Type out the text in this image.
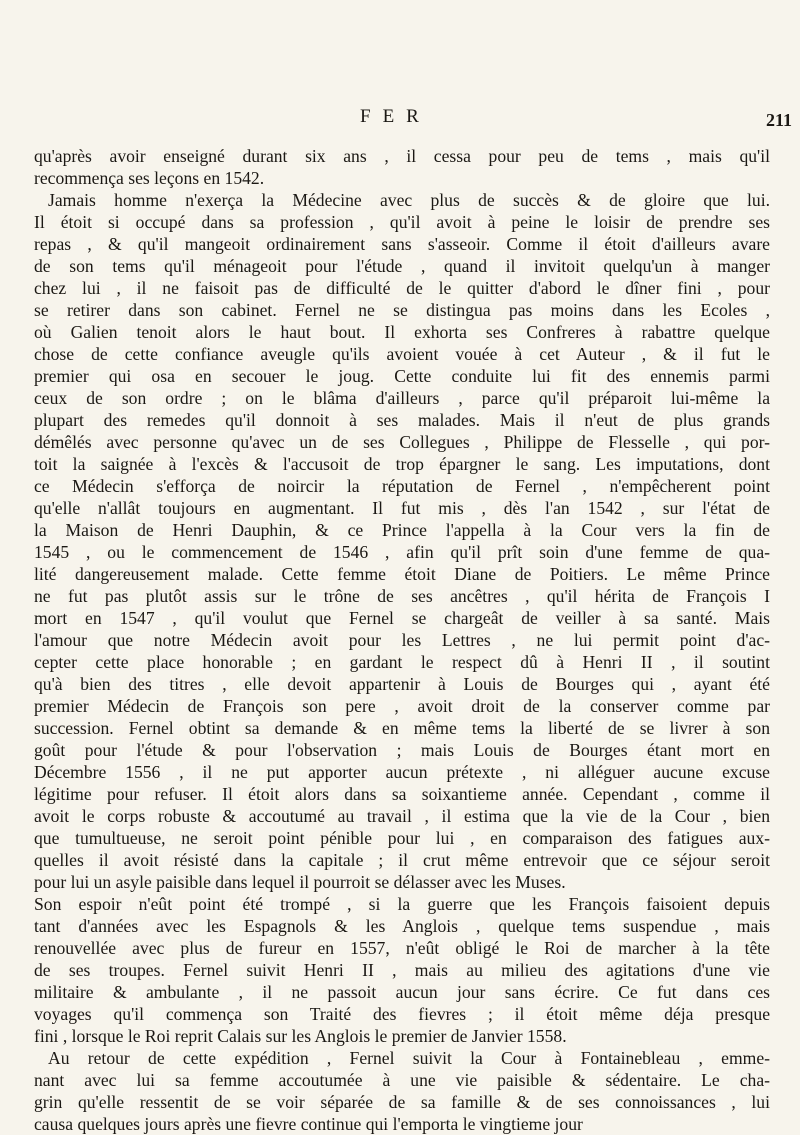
FER	211
qu'après avoir enseigné durant six ans , il cessa pour peu de tems , mais qu'il
recommença ses leçons en 1542.
Jamais homme n'exerça la Médecine avec plus de succès & de gloire que lui.
Il étoit si occupé dans sa profession , qu'il avoit à peine le loisir de prendre ses
repas , & qu'il mangeoit ordinairement sans s'asseoir. Comme il étoit d'ailleurs avare
de son tems qu'il ménageoit pour l'étude , quand il invitoit quelqu'un à manger
chez lui , il ne faisoit pas de difficulté de le quitter d'abord le dîner fini , pour
se retirer dans son cabinet. Fernel ne se distingua pas moins dans les Ecoles ,
où Galien tenoit alors le haut bout. Il exhorta ses Confreres à rabattre quelque
chose de cette confiance aveugle qu'ils avoient vouée à cet Auteur , & il fut le
premier qui osa en secouer le joug. Cette conduite lui fit des ennemis parmi
ceux de son ordre ; on le blâma d'ailleurs , parce qu'il préparoit lui-même la
plupart des remedes qu'il donnoit à ses malades. Mais il n'eut de plus grands
démêlés avec personne qu'avec un de ses Collegues , Philippe de Flesselle , qui por-
toit la saignée à l'excès & l'accusoit de trop épargner le sang. Les imputations, dont
ce Médecin s'efforça de noircir la réputation de Fernel , n'empêcherent point
qu'elle n'allât toujours en augmentant. Il fut mis , dès l'an 1542 , sur l'état de
la Maison de Henri Dauphin, & ce Prince l'appella à la Cour vers la fin de
1545 , ou le commencement de 1546 , afin qu'il prît soin d'une femme de qua-
lité dangereusement malade. Cette femme étoit Diane de Poitiers. Le même Prince
ne fut pas plutôt assis sur le trône de ses ancêtres , qu'il hérita de François I
mort en 1547 , qu'il voulut que Fernel se chargeât de veiller à sa santé. Mais
l'amour que notre Médecin avoit pour les Lettres , ne lui permit point d'ac-
cepter cette place honorable ; en gardant le respect dû à Henri II , il soutint
qu'à bien des titres , elle devoit appartenir à Louis de Bourges qui , ayant été
premier Médecin de François son pere , avoit droit de la conserver comme par
succession. Fernel obtint sa demande & en même tems la liberté de se livrer à son
goût pour l'étude & pour l'observation ; mais Louis de Bourges étant mort en
Décembre 1556 , il ne put apporter aucun prétexte , ni alléguer aucune excuse
légitime pour refuser. Il étoit alors dans sa soixantieme année. Cependant , comme il
avoit le corps robuste & accoutumé au travail , il estima que la vie de la Cour , bien
que tumultueuse, ne seroit point pénible pour lui , en comparaison des fatigues aux-
quelles il avoit résisté dans la capitale ; il crut même entrevoir que ce séjour seroit
pour lui un asyle paisible dans lequel il pourroit se délasser avec les Muses.
Son espoir n'eût point été trompé , si la guerre que les François faisoient depuis
tant d'années avec les Espagnols & les Anglois , quelque tems suspendue , mais
renouvellée avec plus de fureur en 1557, n'eût obligé le Roi de marcher à la tête
de ses troupes. Fernel suivit Henri II , mais au milieu des agitations d'une vie
militaire & ambulante , il ne passoit aucun jour sans écrire. Ce fut dans ces
voyages qu'il commença son Traité des fievres ; il étoit même déja presque
fini , lorsque le Roi reprit Calais sur les Anglois le premier de Janvier 1558.
Au retour de cette expédition , Fernel suivit la Cour à Fontainebleau , emme-
nant avec lui sa femme accoutumée à une vie paisible & sédentaire. Le cha-
grin qu'elle ressentit de se voir séparée de sa famille & de ses connoissances , lui
causa quelques jours après une fievre continue qui l'emporta le vingtieme jour
